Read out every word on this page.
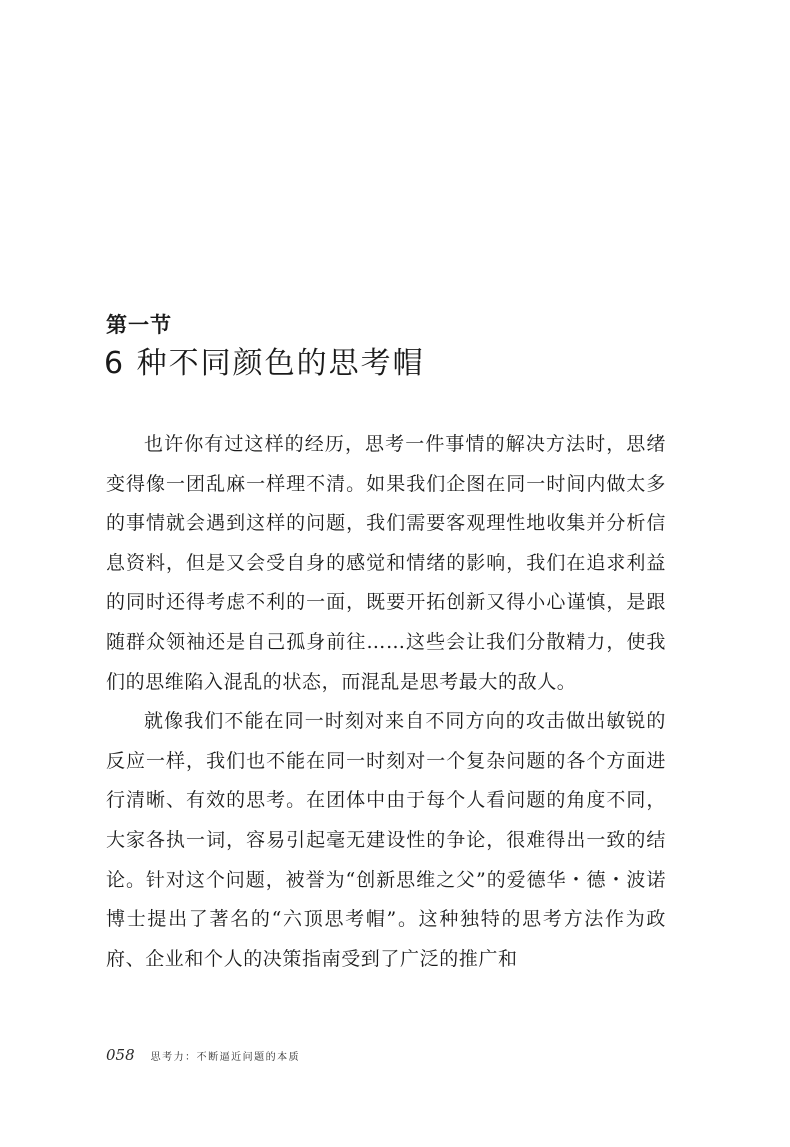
第一节
6 种不同颜色的思考帽

也许你有过这样的经历，思考一件事情的解决方法时，思绪变得像一团乱麻一样理不清。如果我们企图在同一时间内做太多的事情就会遇到这样的问题，我们需要客观理性地收集并分析信息资料，但是又会受自身的感觉和情绪的影响，我们在追求利益的同时还得考虑不利的一面，既要开拓创新又得小心谨慎，是跟随群众领袖还是自己孤身前往……这些会让我们分散精力，使我们的思维陷入混乱的状态，而混乱是思考最大的敌人。

就像我们不能在同一时刻对来自不同方向的攻击做出敏锐的反应一样，我们也不能在同一时刻对一个复杂问题的各个方面进行清晰、有效的思考。在团体中由于每个人看问题的角度不同，大家各执一词，容易引起毫无建设性的争论，很难得出一致的结论。针对这个问题，被誉为“创新思维之父”的爱德华・德・波诺博士提出了著名的“六顶思考帽”。这种独特的思考方法作为政府、企业和个人的决策指南受到了广泛的推广和

058 思考力：不断逼近问题的本质
